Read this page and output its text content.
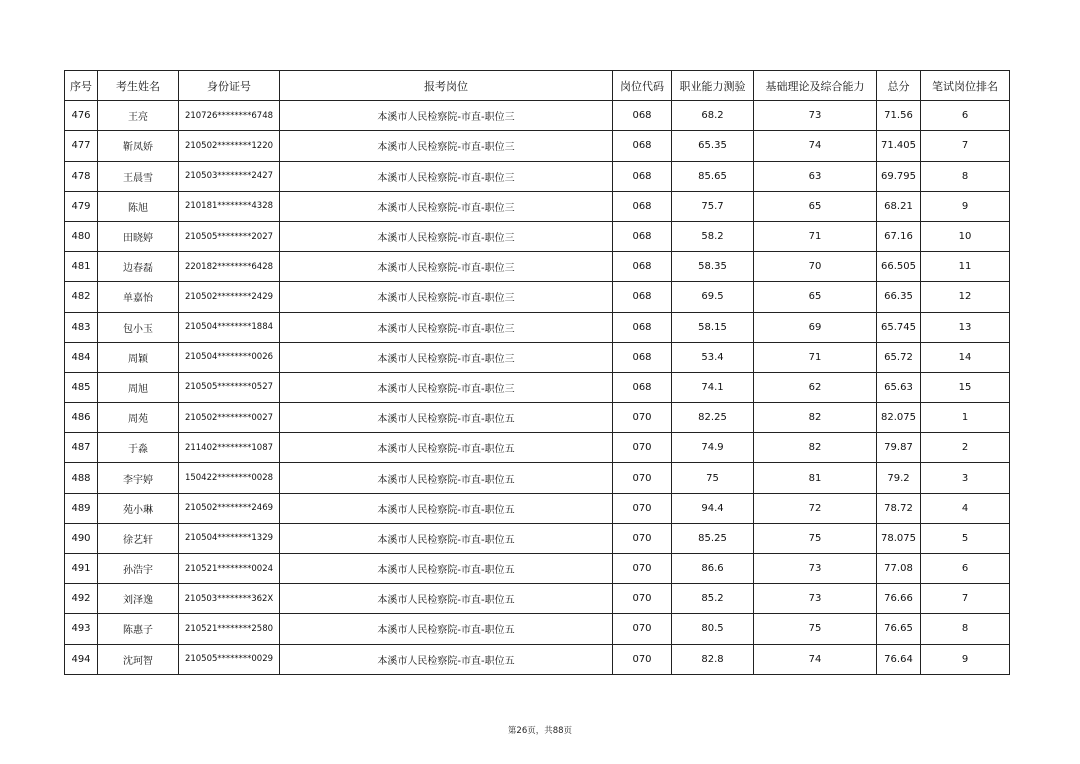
序号	考生姓名	身份证号	报考岗位	岗位代码	职业能力测验	基础理论及综合能力	总分	笔试岗位排名
476	王亮	210726********6748	本溪市人民检察院-市直-职位三	068	68.2	73	71.56	6
477	靳凤娇	210502********1220	本溪市人民检察院-市直-职位三	068	65.35	74	71.405	7
478	王晨雪	210503********2427	本溪市人民检察院-市直-职位三	068	85.65	63	69.795	8
479	陈旭	210181********4328	本溪市人民检察院-市直-职位三	068	75.7	65	68.21	9
480	田晓婷	210505********2027	本溪市人民检察院-市直-职位三	068	58.2	71	67.16	10
481	边春磊	220182********6428	本溪市人民检察院-市直-职位三	068	58.35	70	66.505	11
482	单嘉怡	210502********2429	本溪市人民检察院-市直-职位三	068	69.5	65	66.35	12
483	包小玉	210504********1884	本溪市人民检察院-市直-职位三	068	58.15	69	65.745	13
484	周颖	210504********0026	本溪市人民检察院-市直-职位三	068	53.4	71	65.72	14
485	周旭	210505********0527	本溪市人民检察院-市直-职位三	068	74.1	62	65.63	15
486	周苑	210502********0027	本溪市人民检察院-市直-职位五	070	82.25	82	82.075	1
487	于淼	211402********1087	本溪市人民检察院-市直-职位五	070	74.9	82	79.87	2
488	李宇婷	150422********0028	本溪市人民检察院-市直-职位五	070	75	81	79.2	3
489	苑小琳	210502********2469	本溪市人民检察院-市直-职位五	070	94.4	72	78.72	4
490	徐艺轩	210504********1329	本溪市人民检察院-市直-职位五	070	85.25	75	78.075	5
491	孙浩宇	210521********0024	本溪市人民检察院-市直-职位五	070	86.6	73	77.08	6
492	刘泽逸	210503********362X	本溪市人民检察院-市直-职位五	070	85.2	73	76.66	7
493	陈惠子	210521********2580	本溪市人民检察院-市直-职位五	070	80.5	75	76.65	8
494	沈珂智	210505********0029	本溪市人民检察院-市直-职位五	070	82.8	74	76.64	9
第26页，共88页
